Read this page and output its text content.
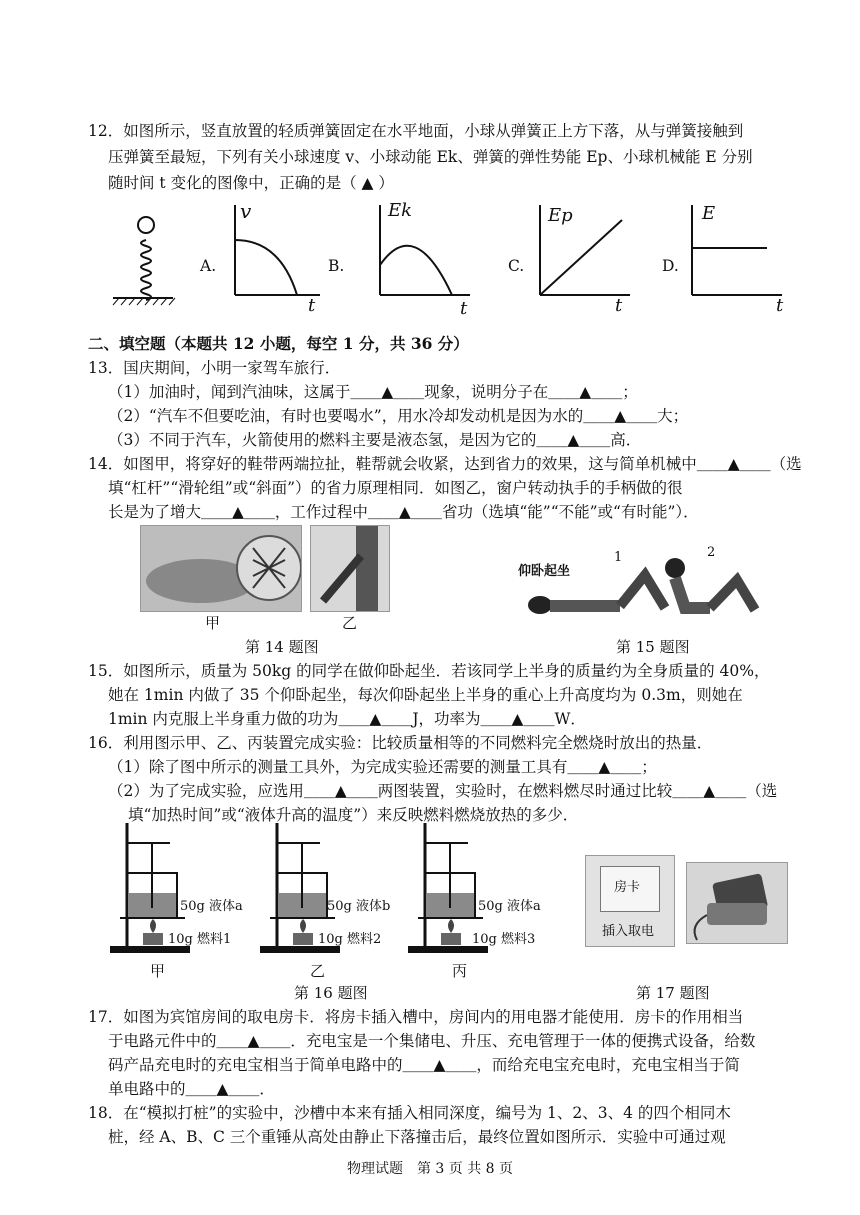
12．如图所示，竖直放置的轻质弹簧固定在水平地面，小球从弹簧正上方下落，从与弹簧接触到
压弹簧至最短，下列有关小球速度 v、小球动能 Ek、弹簧的弹性势能 Ep、小球机械能 E 分别
随时间 t 变化的图像中，正确的是（ ▲ ）
A.
v
t
B.
Ek
t
C.
Ep
t
D.
E
t
二、填空题（本题共 12 小题，每空 1 分，共 36 分）
13．国庆期间，小明一家驾车旅行．
（1）加油时，闻到汽油味，这属于＿＿▲＿＿现象，说明分子在＿＿▲＿＿；
（2）“汽车不但要吃油，有时也要喝水”，用水冷却发动机是因为水的＿＿▲＿＿大；
（3）不同于汽车，火箭使用的燃料主要是液态氢，是因为它的＿＿▲＿＿高．
14．如图甲，将穿好的鞋带两端拉扯，鞋帮就会收紧，达到省力的效果，这与简单机械中＿＿▲＿＿（选
填“杠杆”“滑轮组”或“斜面”）的省力原理相同．如图乙，窗户转动执手的手柄做的很
长是为了增大＿＿▲＿＿，工作过程中＿＿▲＿＿省功（选填“能”“不能”或“有时能”）．
甲	乙
第 14 题图
仰卧起坐
1	2
第 15 题图
15．如图所示，质量为 50kg 的同学在做仰卧起坐．若该同学上半身的质量约为全身质量的 40%，
她在 1min 内做了 35 个仰卧起坐，每次仰卧起坐上半身的重心上升高度均为 0.3m，则她在
1min 内克服上半身重力做的功为＿＿▲＿＿J，功率为＿＿▲＿＿W．
16．利用图示甲、乙、丙装置完成实验：比较质量相等的不同燃料完全燃烧时放出的热量．
（1）除了图中所示的测量工具外，为完成实验还需要的测量工具有＿＿▲＿＿；
（2）为了完成实验，应选用＿＿▲＿＿两图装置，实验时，在燃料燃尽时通过比较＿＿▲＿＿（选
填“加热时间”或“液体升高的温度”）来反映燃料燃烧放热的多少．
50g 液体a
10g 燃料1
甲
50g 液体b
10g 燃料2
乙
50g 液体a
10g 燃料3
丙
第 16 题图
房卡
插入取电
第 17 题图
17．如图为宾馆房间的取电房卡．将房卡插入槽中，房间内的用电器才能使用．房卡的作用相当
于电路元件中的＿＿▲＿＿．充电宝是一个集储电、升压、充电管理于一体的便携式设备，给数
码产品充电时的充电宝相当于简单电路中的＿＿▲＿＿，而给充电宝充电时，充电宝相当于简
单电路中的＿＿▲＿＿．
18．在“模拟打桩”的实验中，沙槽中本来有插入相同深度，编号为 1、2、3、4 的四个相同木
桩，经 A、B、C 三个重锤从高处由静止下落撞击后，最终位置如图所示．实验中可通过观
物理试题　第 3 页 共 8 页
